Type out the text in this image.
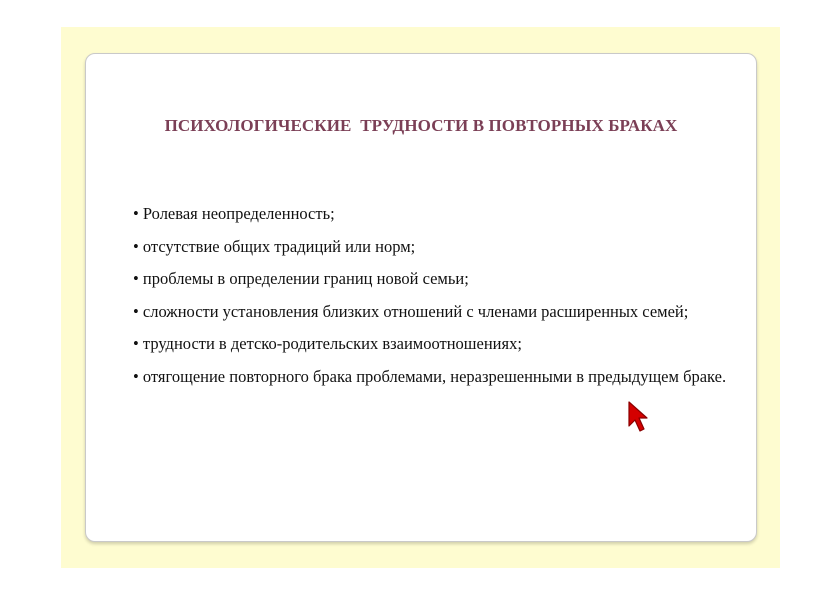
ПСИХОЛОГИЧЕСКИЕ  ТРУДНОСТИ В ПОВТОРНЫХ БРАКАХ
• Ролевая неопределенность;
• отсутствие общих традиций или норм;
• проблемы в определении границ новой семьи;
• сложности установления близких отношений с членами расширенных семей;
• трудности в детско-родительских взаимоотношениях;
• отягощение повторного брака проблемами, неразрешенными в предыдущем браке.
